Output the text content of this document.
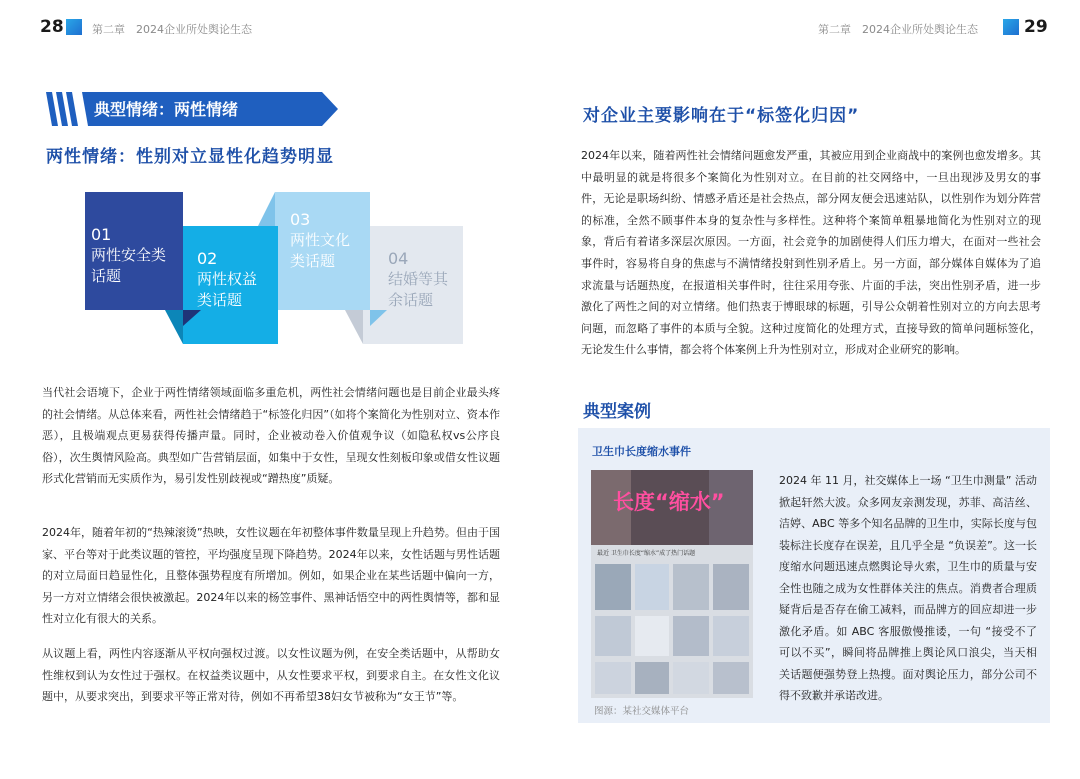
28	第二章　2024企业所处舆论生态	第二章　2024企业所处舆论生态	29
典型情绪：两性情绪
两性情绪：性别对立显性化趋势明显
01
两性安全类话题
02
两性权益类话题
03
两性文化类话题	04
结婚等其余话题
当代社会语境下，企业于两性情绪领域面临多重危机，两性社会情绪问题也是目前企业最头疼的社会情绪。从总体来看，两性社会情绪趋于“标签化归因”（如将个案简化为性别对立、资本作恶），且极端观点更易获得传播声量。同时，企业被动卷入价值观争议（如隐私权vs公序良俗），次生舆情风险高。典型如广告营销层面，如集中于女性，呈现女性刻板印象或借女性议题形式化营销而无实质作为，易引发性别歧视或“蹭热度”质疑。
2024年，随着年初的“热辣滚烫”热映，女性议题在年初整体事件数量呈现上升趋势。但由于国家、平台等对于此类议题的管控，平均强度呈现下降趋势。2024年以来，女性话题与男性话题的对立局面日趋显性化，且整体强势程度有所增加。例如，如果企业在某些话题中偏向一方，另一方对立情绪会很快被激起。2024年以来的杨笠事件、黑神话悟空中的两性舆情等，都和显性对立化有很大的关系。
从议题上看，两性内容逐渐从平权向强权过渡。以女性议题为例，在安全类话题中，从帮助女性维权到认为女性过于强权。在权益类议题中，从女性要求平权，到要求自主。在女性文化议题中，从要求突出，到要求平等正常对待，例如不再希望38妇女节被称为“女王节”等。
对企业主要影响在于“标签化归因”
2024年以来，随着两性社会情绪问题愈发严重，其被应用到企业商战中的案例也愈发增多。其中最明显的就是将很多个案简化为性别对立。在目前的社交网络中，一旦出现涉及男女的事件，无论是职场纠纷、情感矛盾还是社会热点，部分网友便会迅速站队，以性别作为划分阵营的标准，全然不顾事件本身的复杂性与多样性。这种将个案简单粗暴地简化为性别对立的现象，背后有着诸多深层次原因。一方面，社会竞争的加剧使得人们压力增大，在面对一些社会事件时，容易将自身的焦虑与不满情绪投射到性别矛盾上。另一方面，部分媒体自媒体为了追求流量与话题热度，在报道相关事件时，往往采用夸张、片面的手法，突出性别矛盾，进一步激化了两性之间的对立情绪。他们热衷于博眼球的标题，引导公众朝着性别对立的方向去思考问题，而忽略了事件的本质与全貌。这种过度简化的处理方式，直接导致的简单问题标签化，无论发生什么事情，都会将个体案例上升为性别对立，形成对企业研究的影响。
典型案例
卫生巾长度缩水事件
长度“缩水”
最近 卫生巾长度“缩水”成了热门话题
图源：某社交媒体平台
2024 年 11 月，社交媒体上一场 “卫生巾测量” 活动掀起轩然大波。众多网友亲测发现，苏菲、高洁丝、洁婷、ABC 等多个知名品牌的卫生巾，实际长度与包装标注长度存在误差，且几乎全是 “负误差”。这一长度缩水问题迅速点燃舆论导火索，卫生巾的质量与安全性也随之成为女性群体关注的焦点。消费者合理质疑背后是否存在偷工减料，而品牌方的回应却进一步激化矛盾。如 ABC 客服傲慢推诿，一句 “接受不了可以不买”，瞬间将品牌推上舆论风口浪尖，当天相关话题便强势登上热搜。面对舆论压力，部分公司不得不致歉并承诺改进。
